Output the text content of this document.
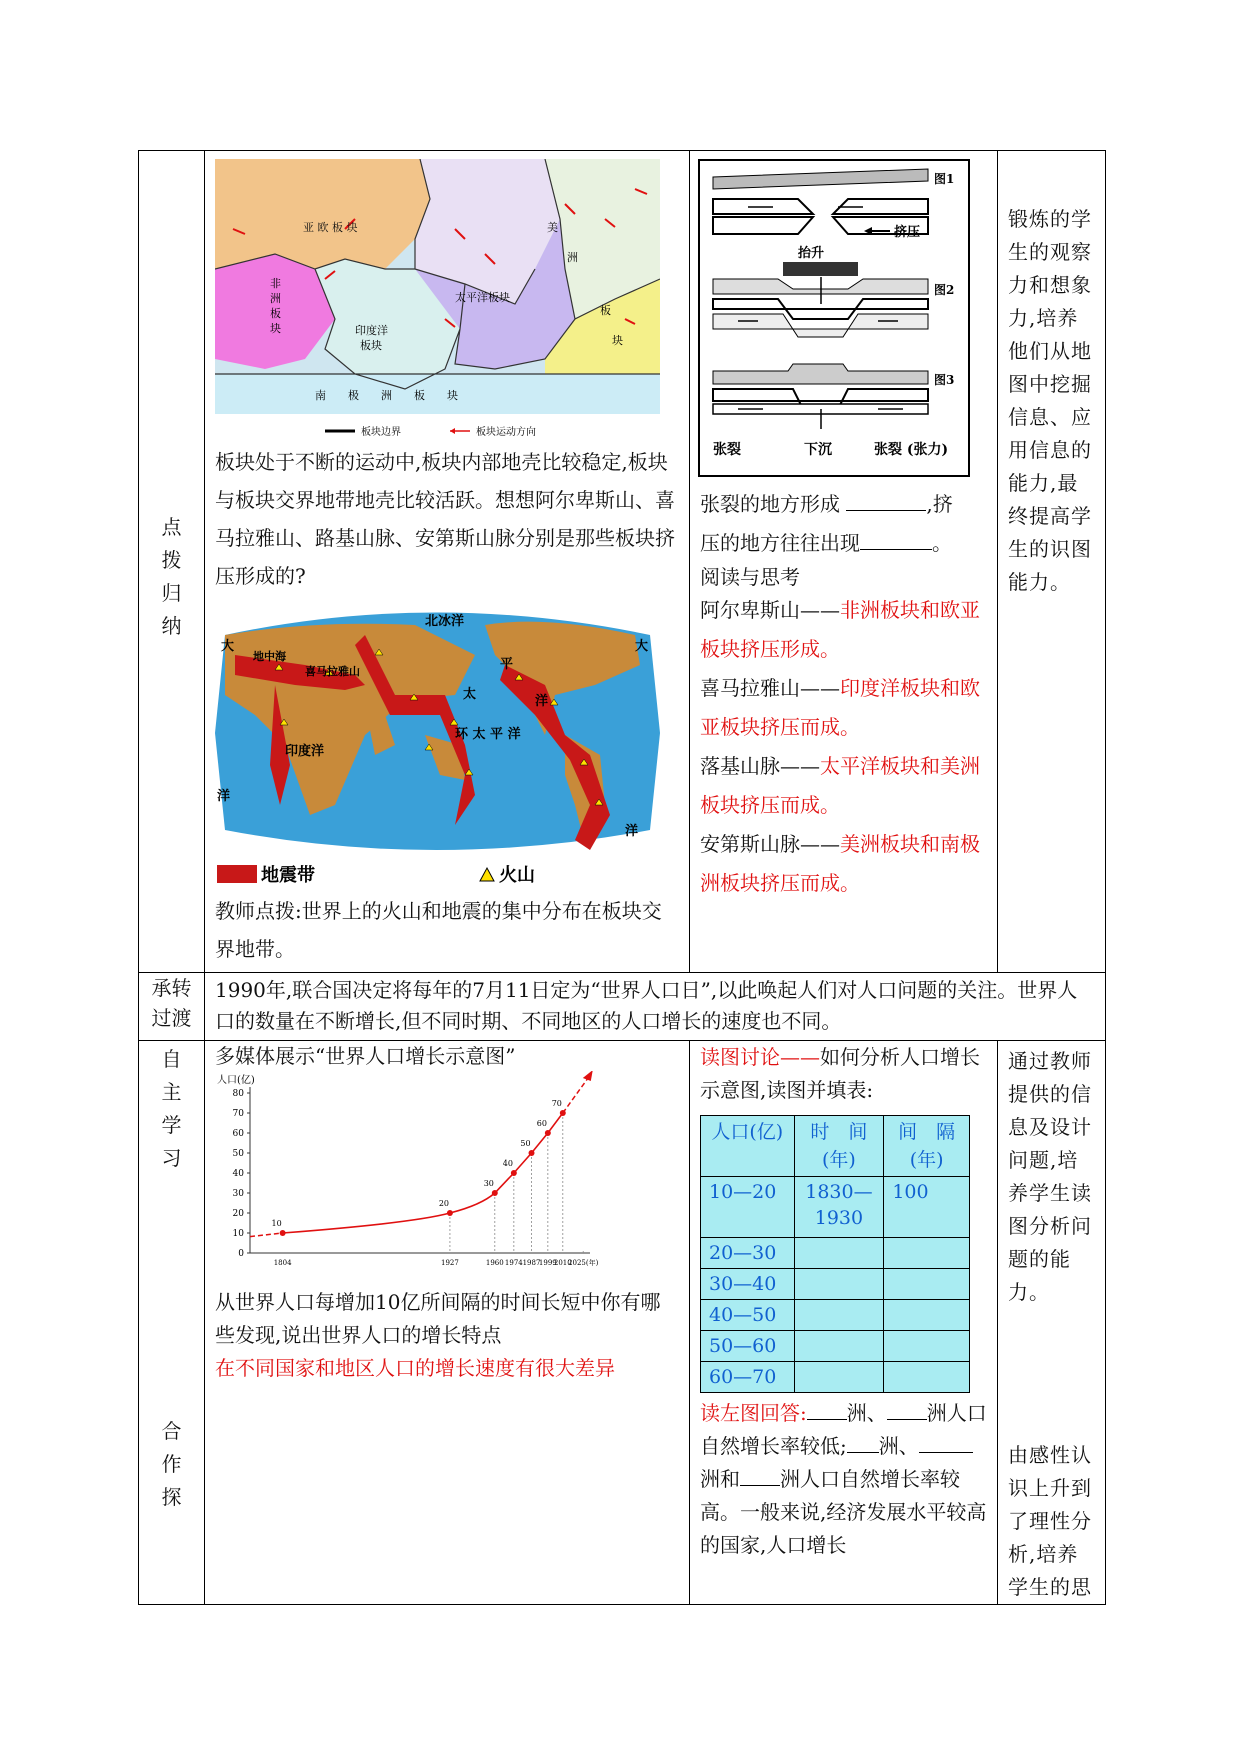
点
拨
归
纳

亚 欧 板 块
非
洲
板
块
太平洋板块
印度洋
板块
美
洲
板
块
南　　极　　洲　　板　　块
板块边界	板块运动方向
板块处于不断的运动中,板块内部地壳比较稳定,板块与板块交界地带地壳比较活跃。想想阿尔卑斯山、喜马拉雅山、路基山脉、安第斯山脉分别是那些板块挤压形成的?
北冰洋
大	大
地中海
喜马拉雅山	平
太	洋
环 太 平 洋
印度洋
洋
洋
地震带	火山
教师点拨:世界上的火山和地震的集中分布在板块交界地带。

图1
挤压
抬升
图2
图3
张裂	下沉	张裂 (张力)
张裂的地方形成	,挤
压的地方往往出现	。
阅读与思考
阿尔卑斯山——非洲板块和欧亚板块挤压形成。
喜马拉雅山——印度洋板块和欧亚板块挤压而成。
落基山脉——太平洋板块和美洲板块挤压而成。
安第斯山脉——美洲板块和南极洲板块挤压而成。

锻炼的学生的观察力和想象力,培养他们从地图中挖掘信息、应用信息的能力,最终提高学生的识图能力。

承转过渡

1990年,联合国决定将每年的7月11日定为“世界人口日”,以此唤起人们对人口问题的关注。世界人口的数量在不断增长,但不同时期、不同地区的人口增长的速度也不同。

自
主
学
习
合
作
探

多媒体展示“世界人口增长示意图”
人口(亿)
0
10
20
30
40
50
60
70
80
1804	1927	1960 1974 1987
1999
2010
2025(年)
10
20
30
40
50
60
70
从世界人口每增加10亿所间隔的时间长短中你有哪些发现,说出世界人口的增长特点
在不同国家和地区人口的增长速度有很大差异

读图讨论——如何分析人口增长示意图,读图并填表:
人口(亿)	时　间(年)	间　隔(年)
10—20	1830—1930	100
20—30		
30—40		
40—50		
50—60		
60—70		
读左图回答: 洲、 洲人口自然增长率较低; 洲、洲和 洲人口自然增长率较高。一般来说,经济发展水平较高的国家,人口增长

通过教师提供的信息及设计问题,培养学生读图分析问题的能力。
由感性认识上升到了理性分析,培养学生的思
